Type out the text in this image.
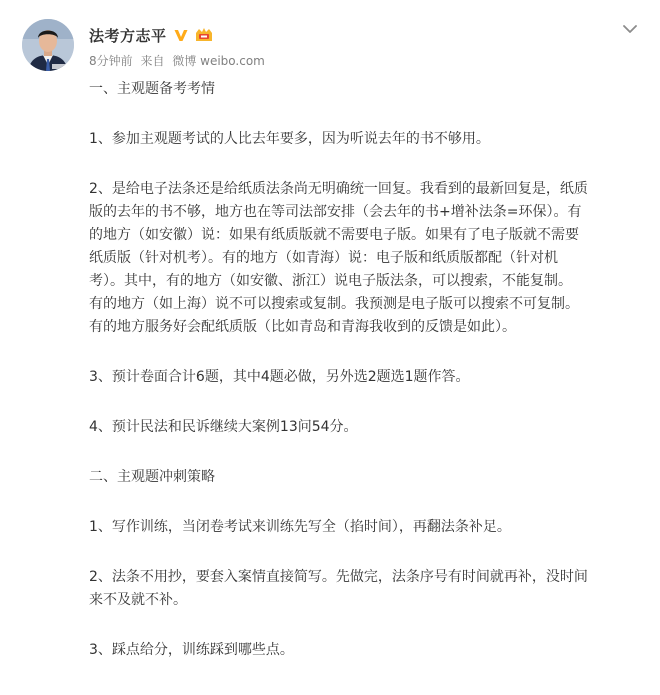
法考方志平
8分钟前 来自 微博 weibo.com

一、主观题备考考情

1、参加主观题考试的人比去年要多，因为听说去年的书不够用。

2、是给电子法条还是给纸质法条尚无明确统一回复。我看到的最新回复是，纸质

版的去年的书不够，地方也在等司法部安排（会去年的书+增补法条=环保）。有

的地方（如安徽）说：如果有纸质版就不需要电子版。如果有了电子版就不需要

纸质版（针对机考）。有的地方（如青海）说：电子版和纸质版都配（针对机

考）。其中，有的地方（如安徽、浙江）说电子版法条，可以搜索，不能复制。

有的地方（如上海）说不可以搜索或复制。我预测是电子版可以搜索不可复制。

有的地方服务好会配纸质版（比如青岛和青海我收到的反馈是如此）。

3、预计卷面合计6题，其中4题必做，另外选2题选1题作答。

4、预计民法和民诉继续大案例13问54分。

二、主观题冲刺策略

1、写作训练，当闭卷考试来训练先写全（掐时间），再翻法条补足。

2、法条不用抄，要套入案情直接简写。先做完，法条序号有时间就再补，没时间

来不及就不补。

3、踩点给分，训练踩到哪些点。
